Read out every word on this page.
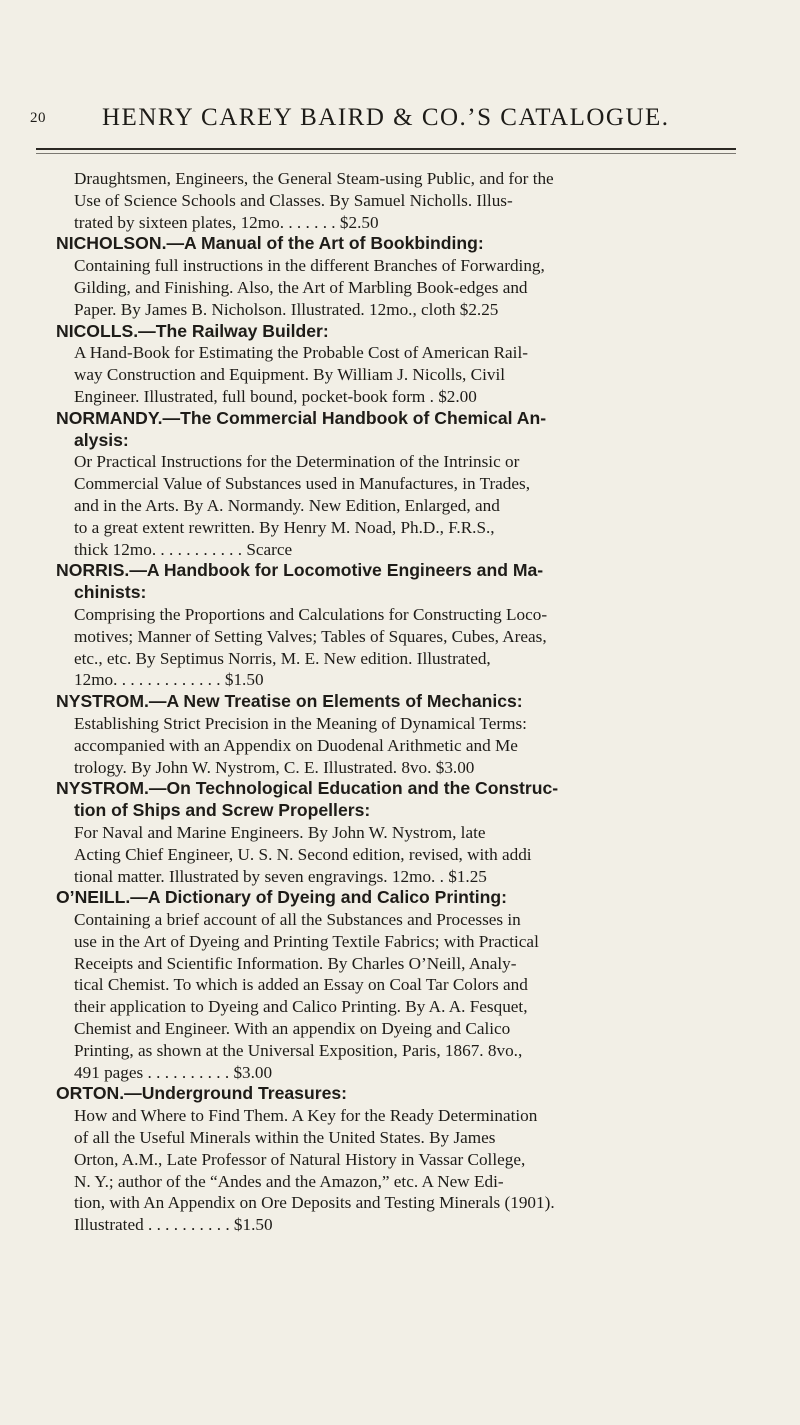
20 HENRY CAREY BAIRD & CO.’S CATALOGUE.
Draughtsmen, Engineers, the General Steam-using Public, and for the
Use of Science Schools and Classes. By Samuel Nicholls. Illus-
trated by sixteen plates, 12mo. . . . . . . $2.50
NICHOLSON.—A Manual of the Art of Bookbinding:
Containing full instructions in the different Branches of Forwarding,
Gilding, and Finishing. Also, the Art of Marbling Book-edges and
Paper. By James B. Nicholson. Illustrated. 12mo., cloth $2.25
NICOLLS.—The Railway Builder:
A Hand-Book for Estimating the Probable Cost of American Rail-
way Construction and Equipment. By William J. Nicolls, Civil
Engineer. Illustrated, full bound, pocket-book form . $2.00
NORMANDY.—The Commercial Handbook of Chemical An-
alysis:
Or Practical Instructions for the Determination of the Intrinsic or
Commercial Value of Substances used in Manufactures, in Trades,
and in the Arts. By A. Normandy. New Edition, Enlarged, and
to a great extent rewritten. By Henry M. Noad, Ph.D., F.R.S.,
thick 12mo. . . . . . . . . . . Scarce
NORRIS.—A Handbook for Locomotive Engineers and Ma-
chinists:
Comprising the Proportions and Calculations for Constructing Loco-
motives; Manner of Setting Valves; Tables of Squares, Cubes, Areas,
etc., etc. By Septimus Norris, M. E. New edition. Illustrated,
12mo. . . . . . . . . . . . . $1.50
NYSTROM.—A New Treatise on Elements of Mechanics:
Establishing Strict Precision in the Meaning of Dynamical Terms:
accompanied with an Appendix on Duodenal Arithmetic and Me
trology. By John W. Nystrom, C. E. Illustrated. 8vo. $3.00
NYSTROM.—On Technological Education and the Construc-
tion of Ships and Screw Propellers:
For Naval and Marine Engineers. By John W. Nystrom, late
Acting Chief Engineer, U. S. N. Second edition, revised, with addi
tional matter. Illustrated by seven engravings. 12mo. . $1.25
O’NEILL.—A Dictionary of Dyeing and Calico Printing:
Containing a brief account of all the Substances and Processes in
use in the Art of Dyeing and Printing Textile Fabrics; with Practical
Receipts and Scientific Information. By Charles O’Neill, Analy-
tical Chemist. To which is added an Essay on Coal Tar Colors and
their application to Dyeing and Calico Printing. By A. A. Fesquet,
Chemist and Engineer. With an appendix on Dyeing and Calico
Printing, as shown at the Universal Exposition, Paris, 1867. 8vo.,
491 pages . . . . . . . . . . $3.00
ORTON.—Underground Treasures:
How and Where to Find Them. A Key for the Ready Determination
of all the Useful Minerals within the United States. By James
Orton, A.M., Late Professor of Natural History in Vassar College,
N. Y.; author of the “Andes and the Amazon,” etc. A New Edi-
tion, with An Appendix on Ore Deposits and Testing Minerals (1901).
Illustrated . . . . . . . . . . $1.50
